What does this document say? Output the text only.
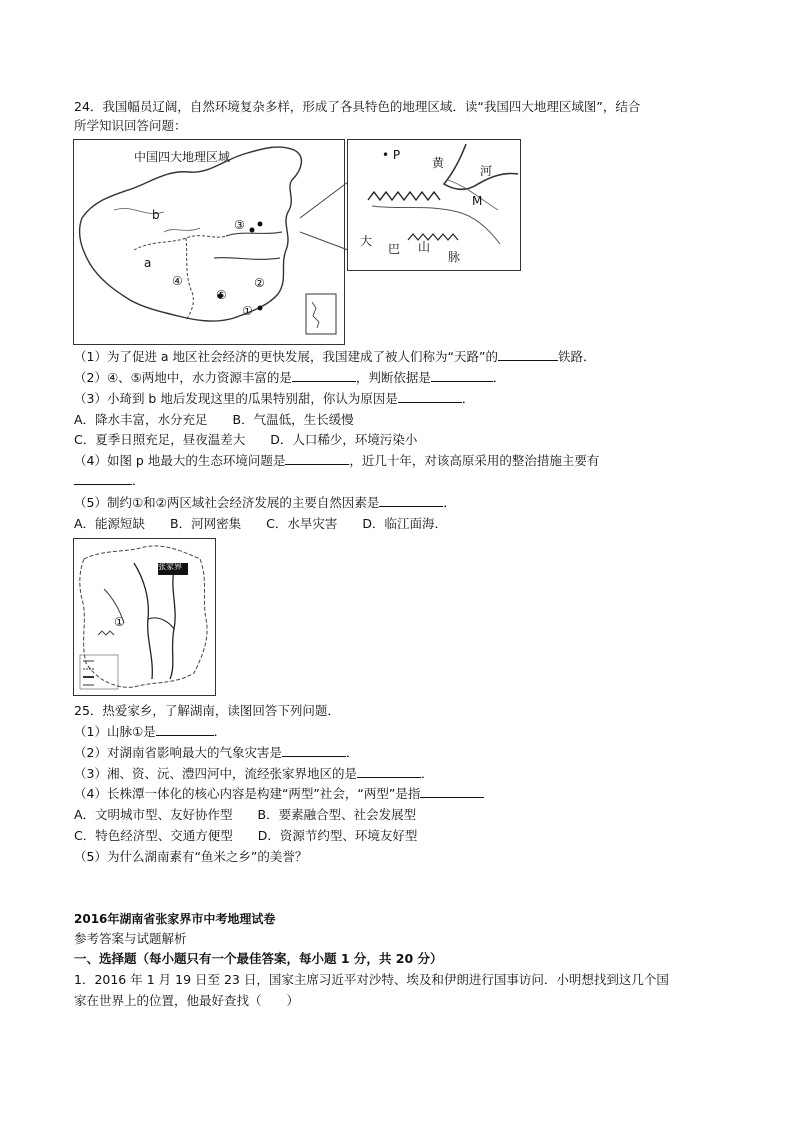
24．我国幅员辽阔，自然环境复杂多样，形成了各具特色的地理区域．读“我国四大地理区域图”，结合
所学知识回答问题：
中国四大地理区域
b
a
③
④
⑤
②
①
• P
黄
河
M
大
巴 山
脉
（1）为了促进 a 地区社会经济的更快发展，我国建成了被人们称为“天路”的	铁路．
（2）④、⑤两地中，水力资源丰富的是	，判断依据是	．
（3）小琦到 b 地后发现这里的瓜果特别甜，你认为原因是	．
A．降水丰富，水分充足　　B．气温低，生长缓慢
C．夏季日照充足，昼夜温差大　　D．人口稀少，环境污染小
（4）如图 p 地最大的生态环境问题是	，近几十年，对该高原采用的整治措施主要有
．
（5）制约①和②两区域社会经济发展的主要自然因素是	．
A．能源短缺　　B．河网密集　　C．水旱灾害　　D．临江面海．
张家界
①
25．热爱家乡，了解湖南，读图回答下列问题．
（1）山脉①是	．
（2）对湖南省影响最大的气象灾害是	．
（3）湘、资、沅、澧四河中，流经张家界地区的是	．
（4）长株潭一体化的核心内容是构建“两型”社会，“两型”是指
A．文明城市型、友好协作型　　B．要素融合型、社会发展型
C．特色经济型、交通方便型　　D．资源节约型、环境友好型
（5）为什么湖南素有“鱼米之乡”的美誉？
2016年湖南省张家界市中考地理试卷
参考答案与试题解析
一、选择题（每小题只有一个最佳答案，每小题 1 分，共 20 分）
1．2016 年 1 月 19 日至 23 日，国家主席习近平对沙特、埃及和伊朗进行国事访问．小明想找到这几个国
家在世界上的位置，他最好查找（　　）
